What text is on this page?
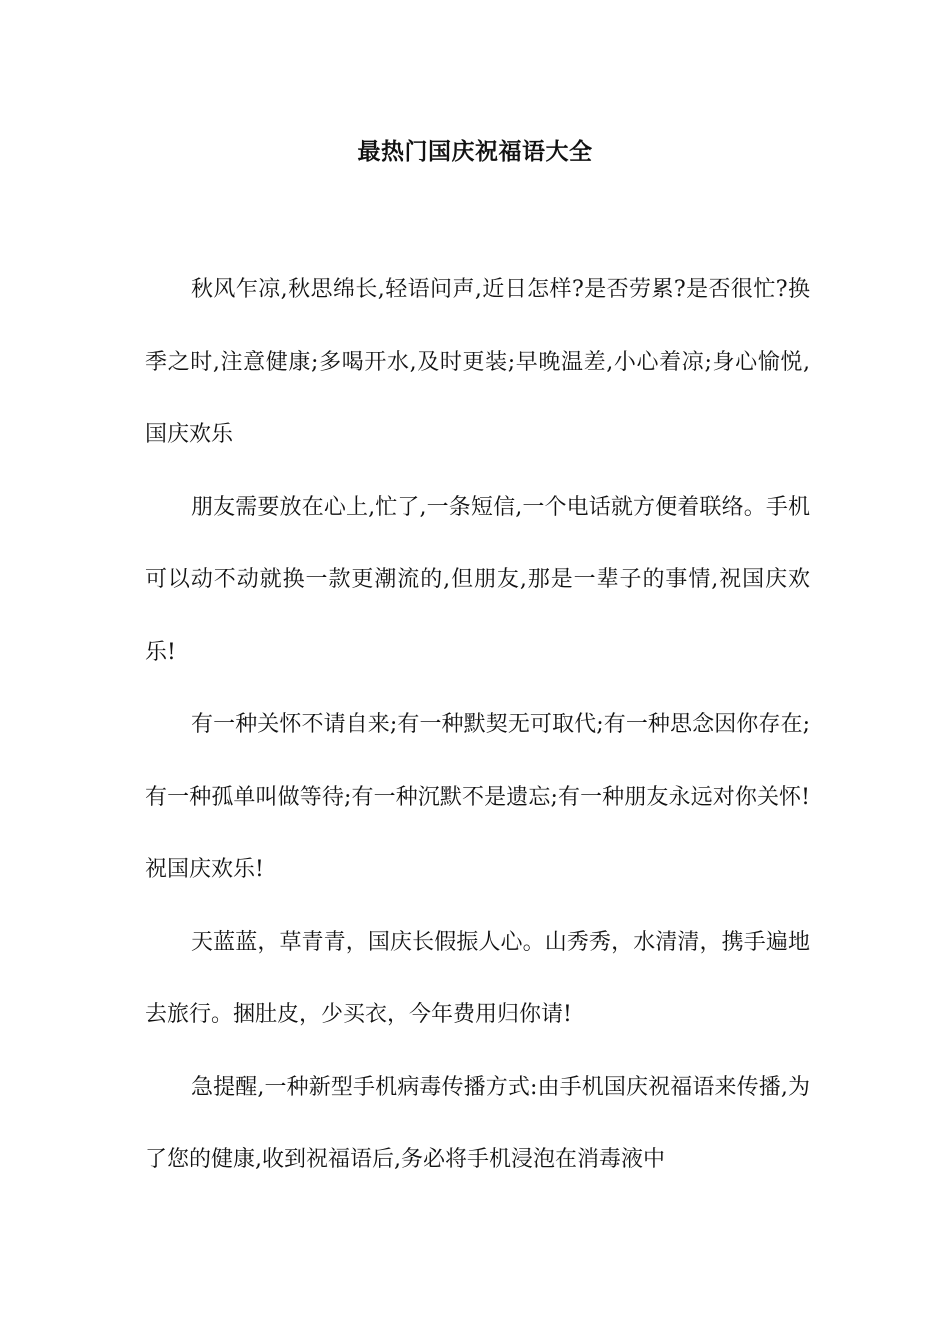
最热门国庆祝福语大全

秋风乍凉,秋思绵长,轻语问声,近日怎样?是否劳累?是否很忙?换季之时,注意健康;多喝开水,及时更装;早晚温差,小心着凉;身心愉悦,国庆欢乐

朋友需要放在心上,忙了,一条短信,一个电话就方便着联络。手机可以动不动就换一款更潮流的,但朋友,那是一辈子的事情,祝国庆欢乐!

有一种关怀不请自来;有一种默契无可取代;有一种思念因你存在;有一种孤单叫做等待;有一种沉默不是遗忘;有一种朋友永远对你关怀!祝国庆欢乐!

天蓝蓝，草青青，国庆长假振人心。山秀秀，水清清，携手遍地去旅行。捆肚皮，少买衣，今年费用归你请!

急提醒,一种新型手机病毒传播方式:由手机国庆祝福语来传播,为了您的健康,收到祝福语后,务必将手机浸泡在消毒液中
